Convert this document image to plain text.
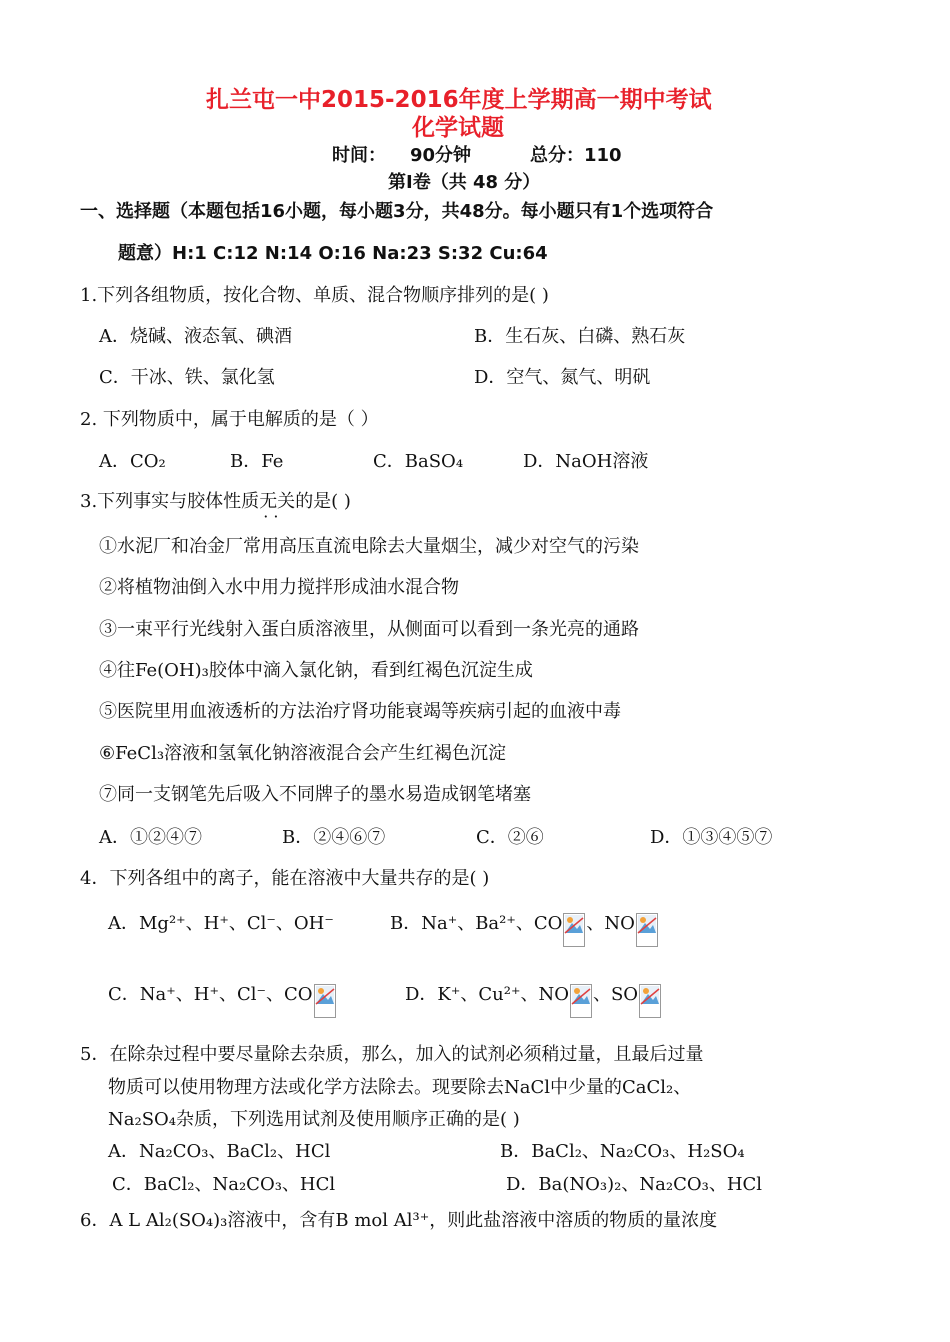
扎兰屯一中2015-2016年度上学期高一期中考试
化学试题
时间： 90分钟	总分：110
第Ⅰ卷（共 48 分）
一、选择题（本题包括16小题，每小题3分，共48分。每小题只有1个选项符合
题意）H:1 C:12 N:14 O:16 Na:23 S:32 Cu:64
1.下列各组物质，按化合物、单质、混合物顺序排列的是( )
A．烧碱、液态氧、碘酒	B．生石灰、白磷、熟石灰
C．干冰、铁、氯化氢	D．空气、氮气、明矾
2. 下列物质中，属于电解质的是（ ）
A．CO₂	B．Fe	C．BaSO₄	D．NaOH溶液
3.下列事实与胶体性质无关 · ·的是( )
①水泥厂和冶金厂常用高压直流电除去大量烟尘，减少对空气的污染
②将植物油倒入水中用力搅拌形成油水混合物
③一束平行光线射入蛋白质溶液里，从侧面可以看到一条光亮的通路
④往Fe(OH)₃胶体中滴入氯化钠，看到红褐色沉淀生成
⑤医院里用血液透析的方法治疗肾功能衰竭等疾病引起的血液中毒
⑥FeCl₃溶液和氢氧化钠溶液混合会产生红褐色沉淀
⑦同一支钢笔先后吸入不同牌子的墨水易造成钢笔堵塞
A．①②④⑦	B．②④⑥⑦	C．②⑥	D．①③④⑤⑦
4．下列各组中的离子，能在溶液中大量共存的是( )
A．Mg²⁺、H⁺、Cl⁻、OH⁻	B．Na⁺、Ba²⁺、CO 、NO
C．Na⁺、H⁺、Cl⁻、CO	D．K⁺、Cu²⁺、NO 、SO
5．在除杂过程中要尽量除去杂质，那么，加入的试剂必须稍过量，且最后过量
物质可以使用物理方法或化学方法除去。现要除去NaCl中少量的CaCl₂、
Na₂SO₄杂质，下列选用试剂及使用顺序正确的是( )
A．Na₂CO₃、BaCl₂、HCl	B．BaCl₂、Na₂CO₃、H₂SO₄
C．BaCl₂、Na₂CO₃、HCl	D．Ba(NO₃)₂、Na₂CO₃、HCl
6．A L Al₂(SO₄)₃溶液中，含有B mol Al³⁺，则此盐溶液中溶质的物质的量浓度
